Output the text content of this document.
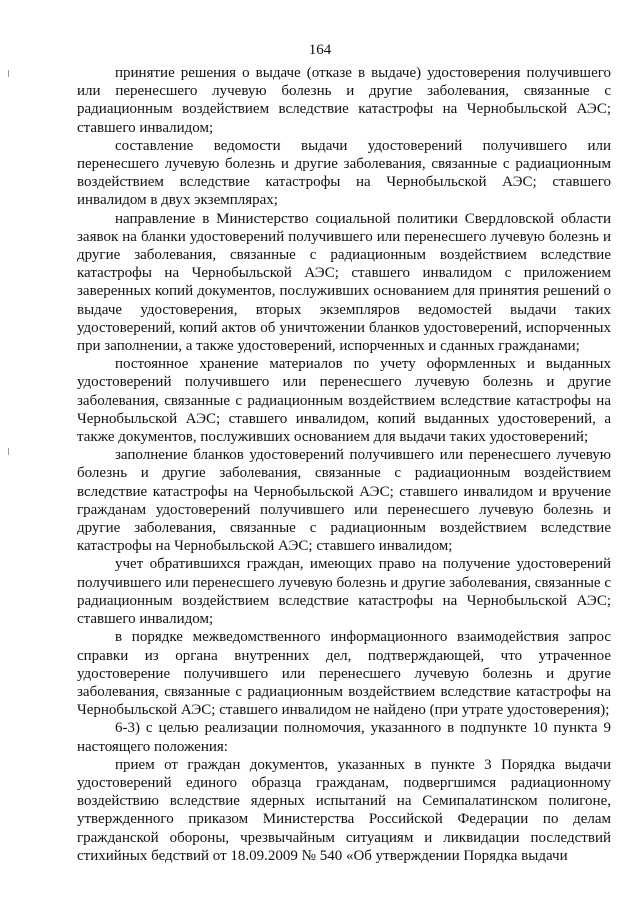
164

принятие решения о выдаче (отказе в выдаче) удостоверения получившего или перенесшего лучевую болезнь и другие заболевания, связанные с радиационным воздействием вследствие катастрофы на Чернобыльской АЭС; ставшего инвалидом;

составление ведомости выдачи удостоверений получившего или перенесшего лучевую болезнь и другие заболевания, связанные с радиационным воздействием вследствие катастрофы на Чернобыльской АЭС; ставшего инвалидом в двух экземплярах;

направление в Министерство социальной политики Свердловской области заявок на бланки удостоверений получившего или перенесшего лучевую болезнь и другие заболевания, связанные с радиационным воздействием вследствие катастрофы на Чернобыльской АЭС; ставшего инвалидом с приложением заверенных копий документов, послуживших основанием для принятия решений о выдаче удостоверения, вторых экземпляров ведомостей выдачи таких удостоверений, копий актов об уничтожении бланков удостоверений, испорченных при заполнении, а также удостоверений, испорченных и сданных гражданами;

постоянное хранение материалов по учету оформленных и выданных удостоверений получившего или перенесшего лучевую болезнь и другие заболевания, связанные с радиационным воздействием вследствие катастрофы на Чернобыльской АЭС; ставшего инвалидом, копий выданных удостоверений, а также документов, послуживших основанием для выдачи таких удостоверений;

заполнение бланков удостоверений получившего или перенесшего лучевую болезнь и другие заболевания, связанные с радиационным воздействием вследствие катастрофы на Чернобыльской АЭС; ставшего инвалидом и вручение гражданам удостоверений получившего или перенесшего лучевую болезнь и другие заболевания, связанные с радиационным воздействием вследствие катастрофы на Чернобыльской АЭС; ставшего инвалидом;

учет обратившихся граждан, имеющих право на получение удостоверений получившего или перенесшего лучевую болезнь и другие заболевания, связанные с радиационным воздействием вследствие катастрофы на Чернобыльской АЭС; ставшего инвалидом;

в порядке межведомственного информационного взаимодействия запрос справки из органа внутренних дел, подтверждающей, что утраченное удостоверение получившего или перенесшего лучевую болезнь и другие заболевания, связанные с радиационным воздействием вследствие катастрофы на Чернобыльской АЭС; ставшего инвалидом не найдено (при утрате удостоверения);

6-3) с целью реализации полномочия, указанного в подпункте 10 пункта 9 настоящего положения:

прием от граждан документов, указанных в пункте 3 Порядка выдачи удостоверений единого образца гражданам, подвергшимся радиационному воздействию вследствие ядерных испытаний на Семипалатинском полигоне, утвержденного приказом Министерства Российской Федерации по делам гражданской обороны, чрезвычайным ситуациям и ликвидации последствий стихийных бедствий от 18.09.2009 № 540 «Об утверждении Порядка выдачи
